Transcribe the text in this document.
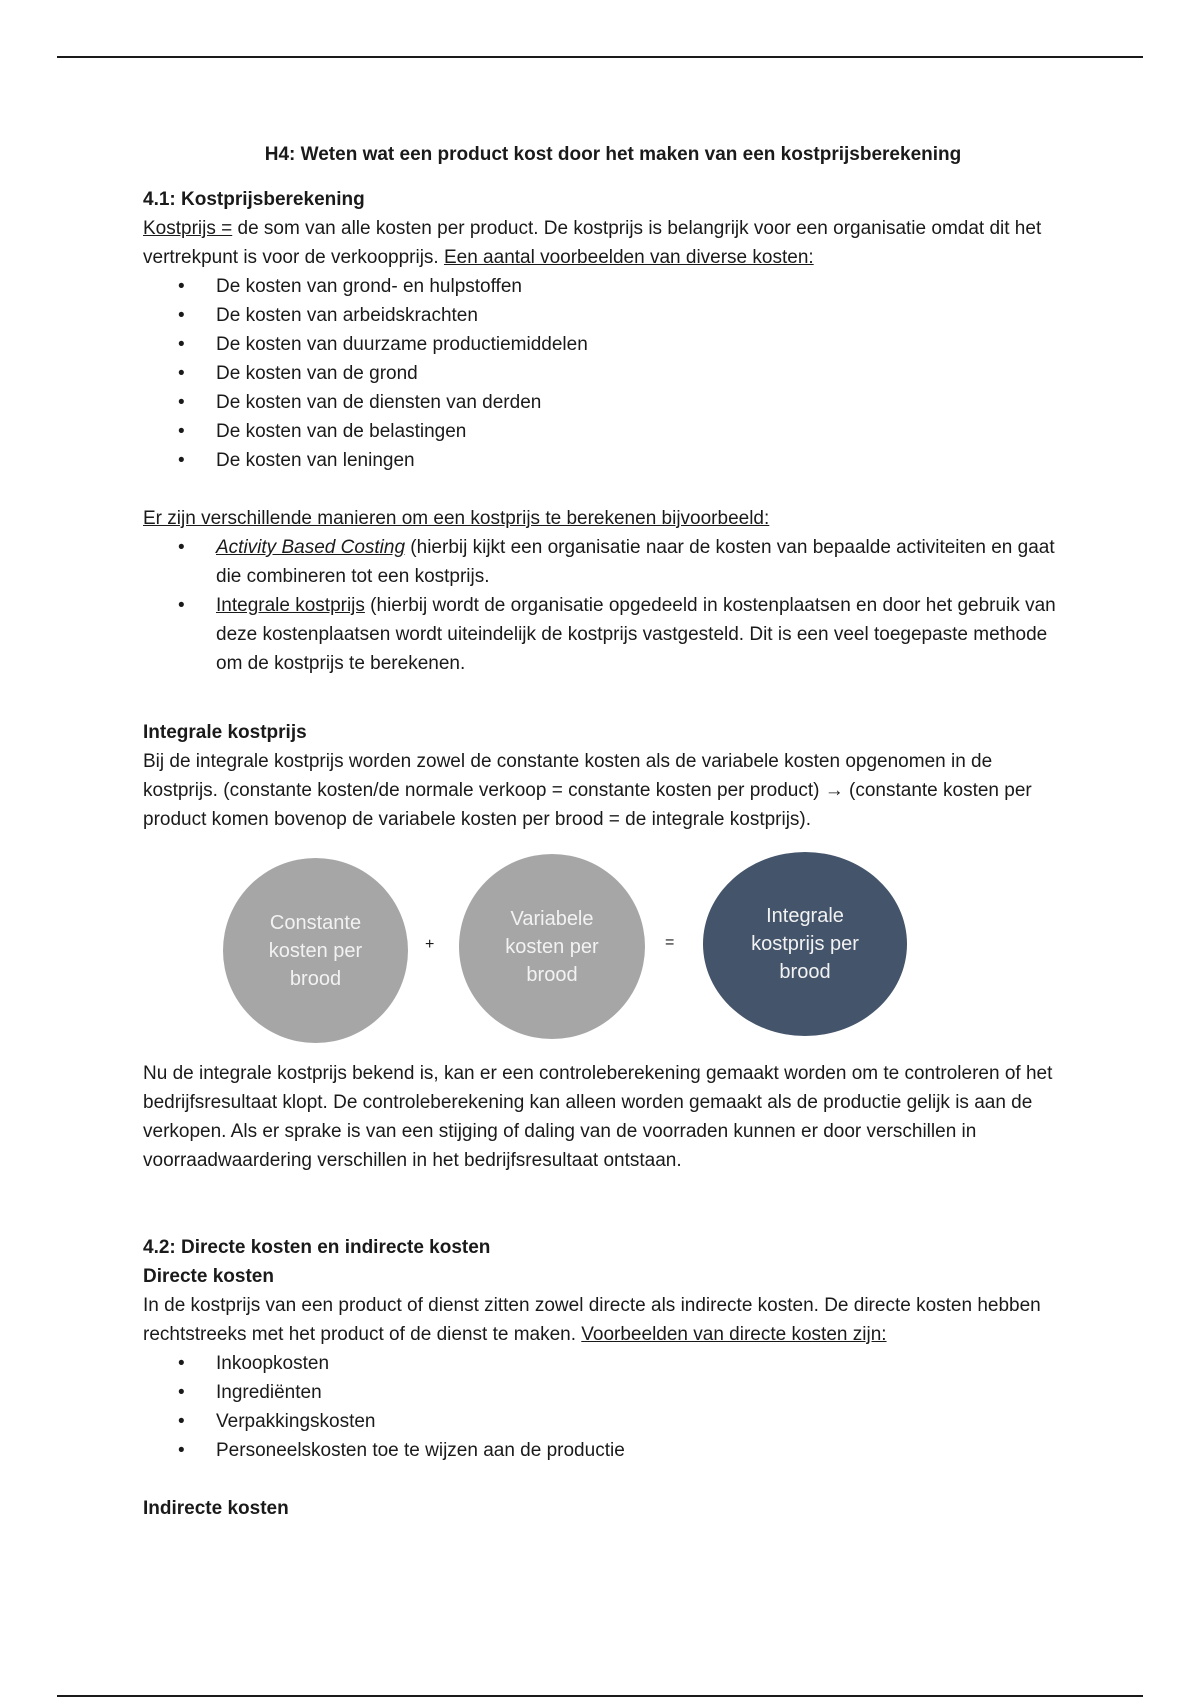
H4: Weten wat een product kost door het maken van een kostprijsberekening

4.1: Kostprijsberekening

Kostprijs = de som van alle kosten per product. De kostprijs is belangrijk voor een organisatie omdat dit het vertrekpunt is voor de verkoopprijs. Een aantal voorbeelden van diverse kosten:

• De kosten van grond- en hulpstoffen
• De kosten van arbeidskrachten
• De kosten van duurzame productiemiddelen
• De kosten van de grond
• De kosten van de diensten van derden
• De kosten van de belastingen
• De kosten van leningen

Er zijn verschillende manieren om een kostprijs te berekenen bijvoorbeeld:

• Activity Based Costing (hierbij kijkt een organisatie naar de kosten van bepaalde activiteiten en gaat die combineren tot een kostprijs.
• Integrale kostprijs (hierbij wordt de organisatie opgedeeld in kostenplaatsen en door het gebruik van deze kostenplaatsen wordt uiteindelijk de kostprijs vastgesteld. Dit is een veel toegepaste methode om de kostprijs te berekenen.

Integrale kostprijs

Bij de integrale kostprijs worden zowel de constante kosten als de variabele kosten opgenomen in de kostprijs. (constante kosten/de normale verkoop = constante kosten per product) → (constante kosten per product komen bovenop de variabele kosten per brood = de integrale kostprijs).

Constante kosten per brood
+
Variabele kosten per brood
=
Integrale kostprijs per brood

Nu de integrale kostprijs bekend is, kan er een controleberekening gemaakt worden om te controleren of het bedrijfsresultaat klopt. De controleberekening kan alleen worden gemaakt als de productie gelijk is aan de verkopen. Als er sprake is van een stijging of daling van de voorraden kunnen er door verschillen in voorraadwaardering verschillen in het bedrijfsresultaat ontstaan.

4.2: Directe kosten en indirecte kosten

Directe kosten

In de kostprijs van een product of dienst zitten zowel directe als indirecte kosten. De directe kosten hebben rechtstreeks met het product of de dienst te maken. Voorbeelden van directe kosten zijn:

• Inkoopkosten
• Ingrediënten
• Verpakkingskosten
• Personeelskosten toe te wijzen aan de productie

Indirecte kosten
